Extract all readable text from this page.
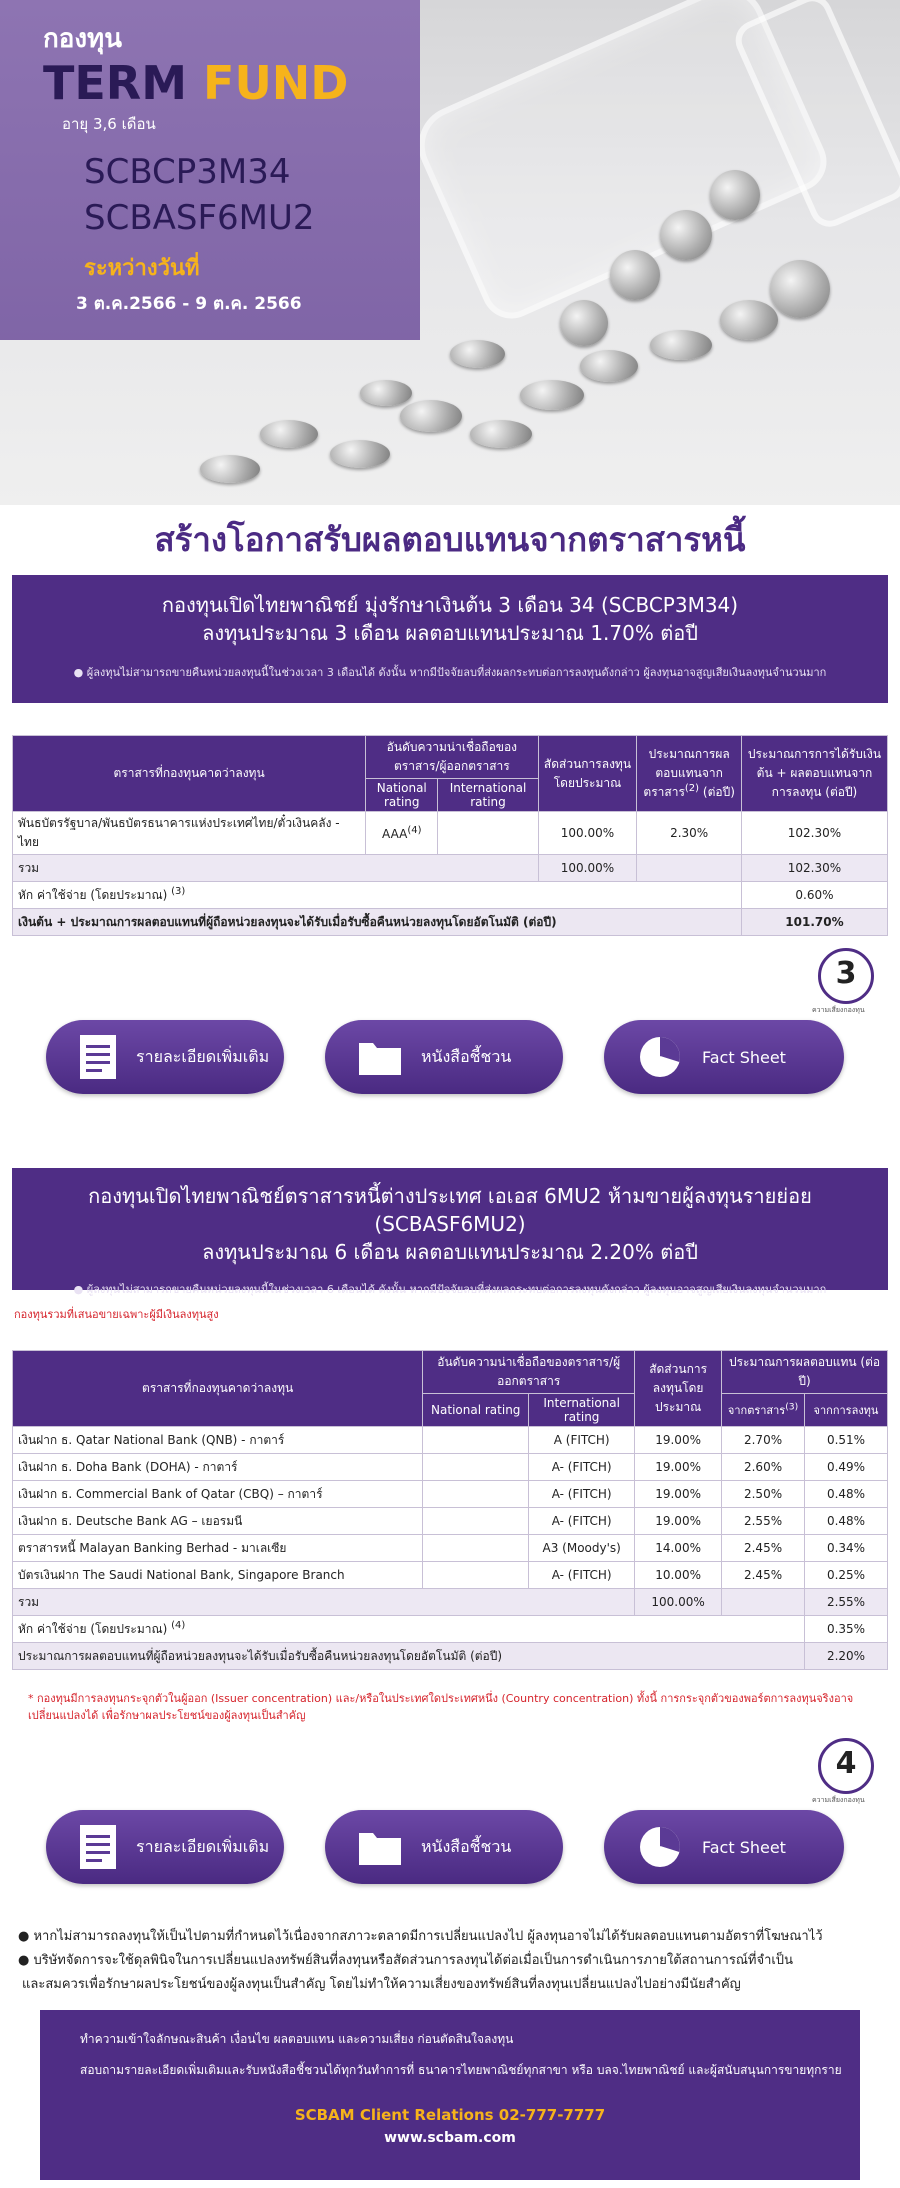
กองทุน
TERM FUND
อายุ 3,6 เดือน
SCBCP3M34
SCBASF6MU2
ระหว่างวันที่
3 ต.ค.2566 - 9 ต.ค. 2566
สร้างโอกาสรับผลตอบแทนจากตราสารหนี้
กองทุนเปิดไทยพาณิชย์ มุ่งรักษาเงินต้น 3 เดือน 34 (SCBCP3M34)
ลงทุนประมาณ 3 เดือน ผลตอบแทนประมาณ 1.70% ต่อปี
● ผู้ลงทุนไม่สามารถขายคืนหน่วยลงทุนนี้ในช่วงเวลา 3 เดือนได้ ดังนั้น หากมีปัจจัยลบที่ส่งผลกระทบต่อการลงทุนดังกล่าว ผู้ลงทุนอาจสูญเสียเงินลงทุนจำนวนมาก
ตราสารที่กองทุนคาดว่าลงทุน	อันดับความน่าเชื่อถือของตราสาร/ผู้ออกตราสาร		สัดส่วนการลงทุนโดยประมาณ	ประมาณการผลตอบแทนจากตราสาร$^{(2)}$ (ต่อปี)	ประมาณการการได้รับเงินต้น + ผลตอบแทนจากการลงทุน (ต่อปี)
	National rating	International rating			
พันธบัตรรัฐบาล/พันธบัตรธนาคารแห่งประเทศไทย/ตั๋วเงินคลัง - ไทย	AAA$^{(4)}$		100.00%	2.30%	102.30%
รวม			100.00%		102.30%
หัก ค่าใช้จ่าย (โดยประมาณ) $^{(3)}$					0.60%
เงินต้น + ประมาณการผลตอบแทนที่ผู้ถือหน่วยลงทุนจะได้รับเมื่อรับซื้อคืนหน่วยลงทุนโดยอัตโนมัติ (ต่อปี)					101.70%
3
ความเสี่ยงกองทุน
รายละเอียดเพิ่มเติม	หนังสือชี้ชวน	Fact Sheet
กองทุนเปิดไทยพาณิชย์ตราสารหนี้ต่างประเทศ เอเอส 6MU2 ห้ามขายผู้ลงทุนรายย่อย (SCBASF6MU2)
ลงทุนประมาณ 6 เดือน ผลตอบแทนประมาณ 2.20% ต่อปี
● ผู้ลงทุนไม่สามารถขายคืนหน่วยลงทุนนี้ในช่วงเวลา 6 เดือนได้ ดังนั้น หากมีปัจจัยลบที่ส่งผลกระทบต่อการลงทุนดังกล่าว ผู้ลงทุนอาจสูญเสียเงินลงทุนจำนวนมาก
กองทุนรวมที่เสนอขายเฉพาะผู้มีเงินลงทุนสูง
ตราสารที่กองทุนคาดว่าลงทุน	อันดับความน่าเชื่อถือของตราสาร/ผู้ออกตราสาร		สัดส่วนการลงทุนโดยประมาณ	ประมาณการผลตอบแทน (ต่อปี)	
	National rating	International rating		จากตราสาร$^{(3)}$	จากการลงทุน
เงินฝาก ธ. Qatar National Bank (QNB) - กาตาร์		A (FITCH)	19.00%	2.70%	0.51%
เงินฝาก ธ. Doha Bank (DOHA) - กาตาร์		A- (FITCH)	19.00%	2.60%	0.49%
เงินฝาก ธ. Commercial Bank of Qatar (CBQ) – กาตาร์		A- (FITCH)	19.00%	2.50%	0.48%
เงินฝาก ธ. Deutsche Bank AG – เยอรมนี		A- (FITCH)	19.00%	2.55%	0.48%
ตราสารหนี้ Malayan Banking Berhad - มาเลเซีย		A3 (Moody's)	14.00%	2.45%	0.34%
บัตรเงินฝาก The Saudi National Bank, Singapore Branch		A- (FITCH)	10.00%	2.45%	0.25%
รวม			100.00%		2.55%
หัก ค่าใช้จ่าย (โดยประมาณ) $^{(4)}$					0.35%
ประมาณการผลตอบแทนที่ผู้ถือหน่วยลงทุนจะได้รับเมื่อรับซื้อคืนหน่วยลงทุนโดยอัตโนมัติ (ต่อปี)					2.20%
* กองทุนมีการลงทุนกระจุกตัวในผู้ออก (Issuer concentration) และ/หรือในประเทศใดประเทศหนึ่ง (Country concentration) ทั้งนี้ การกระจุกตัวของพอร์ตการลงทุนจริงอาจเปลี่ยนแปลงได้ เพื่อรักษาผลประโยชน์ของผู้ลงทุนเป็นสำคัญ
4
ความเสี่ยงกองทุน
รายละเอียดเพิ่มเติม	หนังสือชี้ชวน	Fact Sheet
● หากไม่สามารถลงทุนให้เป็นไปตามที่กำหนดไว้เนื่องจากสภาวะตลาดมีการเปลี่ยนแปลงไป ผู้ลงทุนอาจไม่ได้รับผลตอบแทนตามอัตราที่โฆษณาไว้
● บริษัทจัดการจะใช้ดุลพินิจในการเปลี่ยนแปลงทรัพย์สินที่ลงทุนหรือสัดส่วนการลงทุนได้ต่อเมื่อเป็นการดำเนินการภายใต้สถานการณ์ที่จำเป็น
และสมควรเพื่อรักษาผลประโยชน์ของผู้ลงทุนเป็นสำคัญ โดยไม่ทำให้ความเสี่ยงของทรัพย์สินที่ลงทุนเปลี่ยนแปลงไปอย่างมีนัยสำคัญ
ทำความเข้าใจลักษณะสินค้า เงื่อนไข ผลตอบแทน และความเสี่ยง ก่อนตัดสินใจลงทุน
สอบถามรายละเอียดเพิ่มเติมและรับหนังสือชี้ชวนได้ทุกวันทำการที่ ธนาคารไทยพาณิชย์ทุกสาขา หรือ บลจ.ไทยพาณิชย์ และผู้สนับสนุนการขายทุกราย
SCBAM Client Relations 02-777-7777
www.scbam.com
